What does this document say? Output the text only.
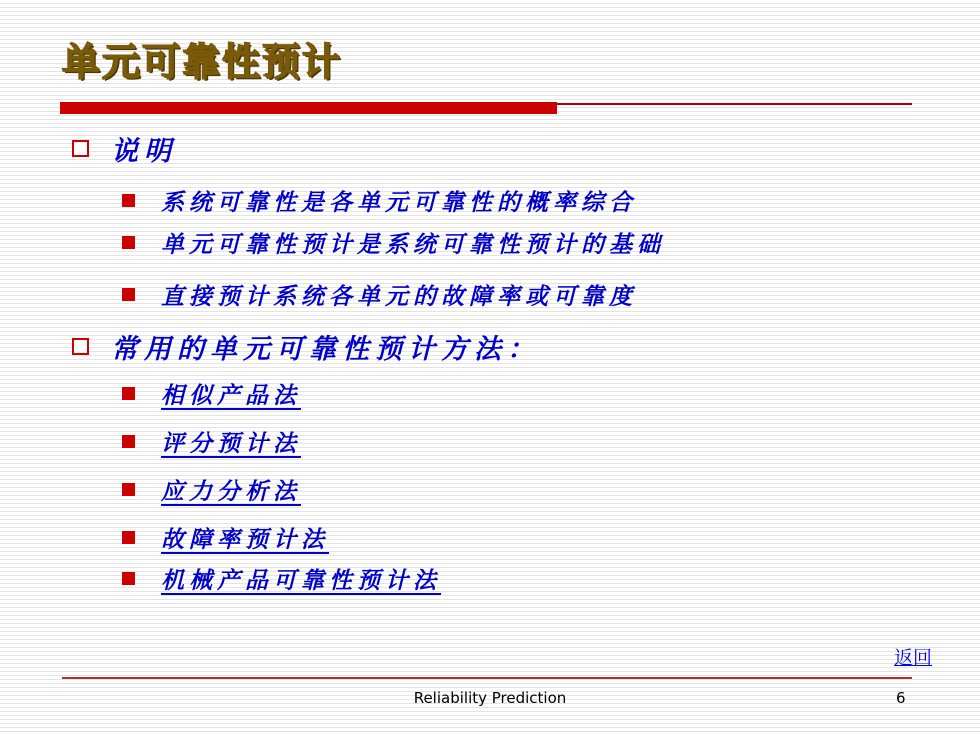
单元可靠性预计
说明
系统可靠性是各单元可靠性的概率综合
单元可靠性预计是系统可靠性预计的基础
直接预计系统各单元的故障率或可靠度
常用的单元可靠性预计方法：
相似产品法
评分预计法
应力分析法
故障率预计法
机械产品可靠性预计法
返回
Reliability Prediction	6
